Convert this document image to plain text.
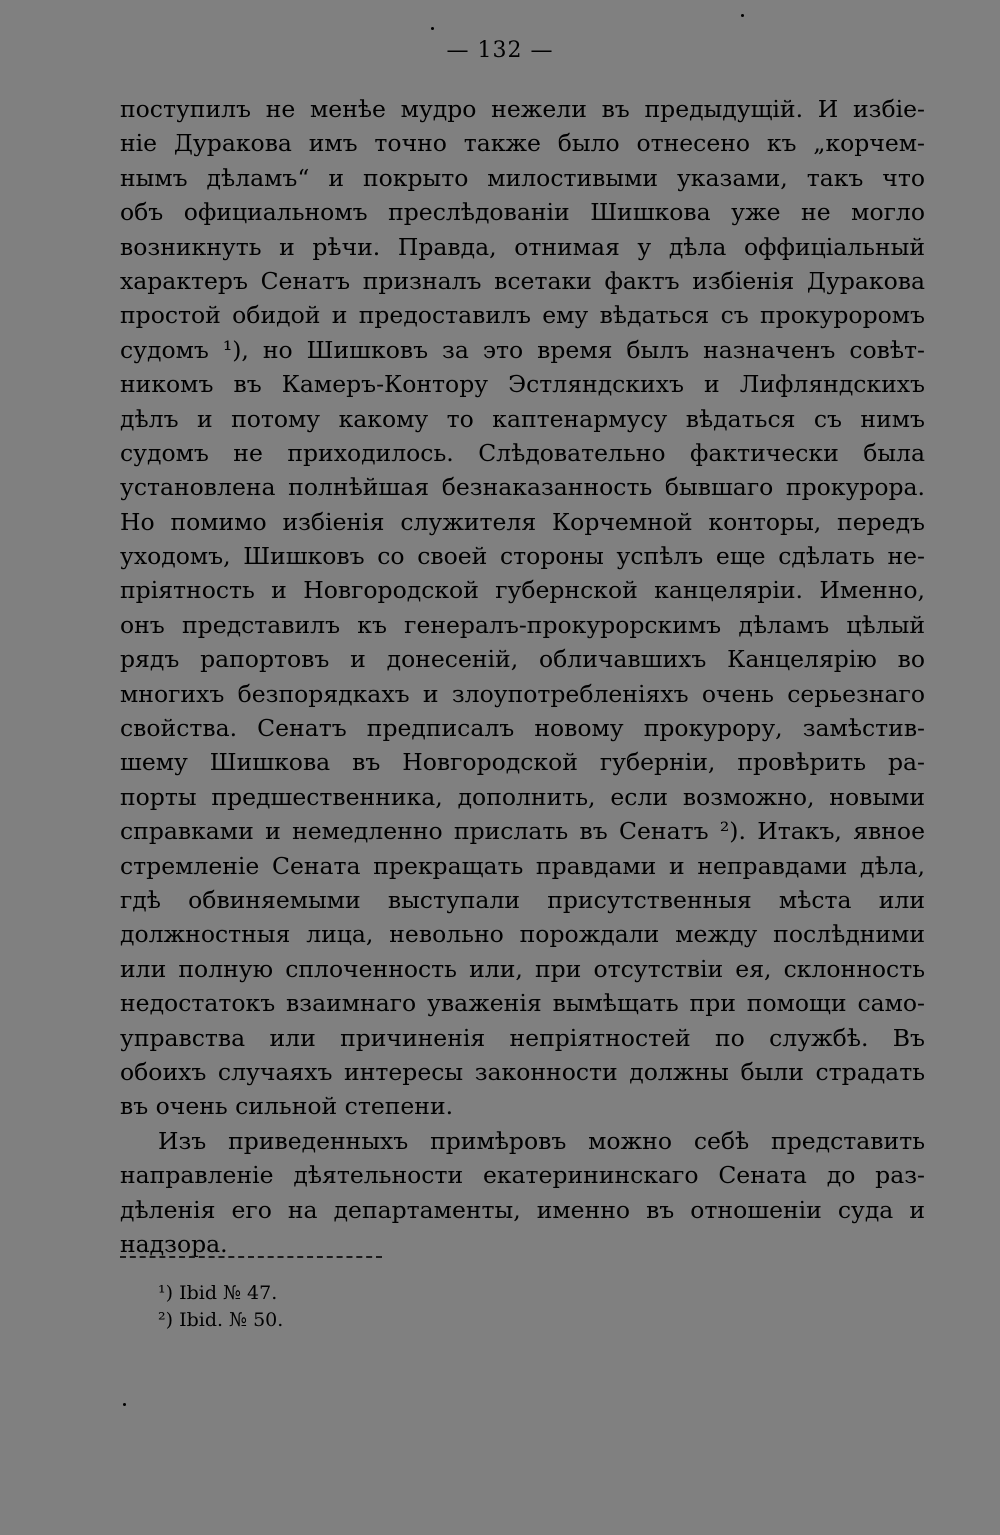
— 132 —
поступилъ не менѣе мудро нежели въ предыдущій. И избіе-
ніе Дуракова имъ точно также было отнесено къ „корчем-
нымъ дѣламъ“ и покрыто милостивыми указами, такъ что
объ официальномъ преслѣдованіи Шишкова уже не могло
возникнуть и рѣчи. Правда, отнимая у дѣла оффиціальный
характеръ Сенатъ призналъ всетаки фактъ избіенія Дуракова
простой обидой и предоставилъ ему вѣдаться съ прокуроромъ
судомъ ¹), но Шишковъ за это время былъ назначенъ совѣт-
никомъ въ Камеръ-Контору Эстляндскихъ и Лифляндскихъ
дѣлъ и потому какому то каптенармусу вѣдаться съ нимъ
судомъ не приходилось. Слѣдовательно фактически была
установлена полнѣйшая безнаказанность бывшаго прокурора.
Но помимо избіенія служителя Корчемной конторы, передъ
уходомъ, Шишковъ со своей стороны успѣлъ еще сдѣлать не-
пріятность и Новгородской губернской канцеляріи. Именно,
онъ представилъ къ генералъ-прокурорскимъ дѣламъ цѣлый
рядъ рапортовъ и донесеній, обличавшихъ Канцелярію во
многихъ безпорядкахъ и злоупотребленіяхъ очень серьезнаго
свойства. Сенатъ предписалъ новому прокурору, замѣстив-
шему Шишкова въ Новгородской губерніи, провѣрить ра-
порты предшественника, дополнить, если возможно, новыми
справками и немедленно прислать въ Сенатъ ²). Итакъ, явное
стремленіе Сената прекращать правдами и неправдами дѣла,
гдѣ обвиняемыми выступали присутственныя мѣста или
должностныя лица, невольно порождали между послѣдними
или полную сплоченность или, при отсутствіи ея, склонность
недостатокъ взаимнаго уваженія вымѣщать при помощи само-
управства или причиненія непріятностей по службѣ. Въ
обоихъ случаяхъ интересы законности должны были страдать
въ очень сильной степени.
Изъ приведенныхъ примѣровъ можно себѣ представить
направленіе дѣятельности екатерининскаго Сената до раз-
дѣленія его на департаменты, именно въ отношеніи суда и
надзора.
¹) Ibid № 47.
²) Ibid. № 50.
